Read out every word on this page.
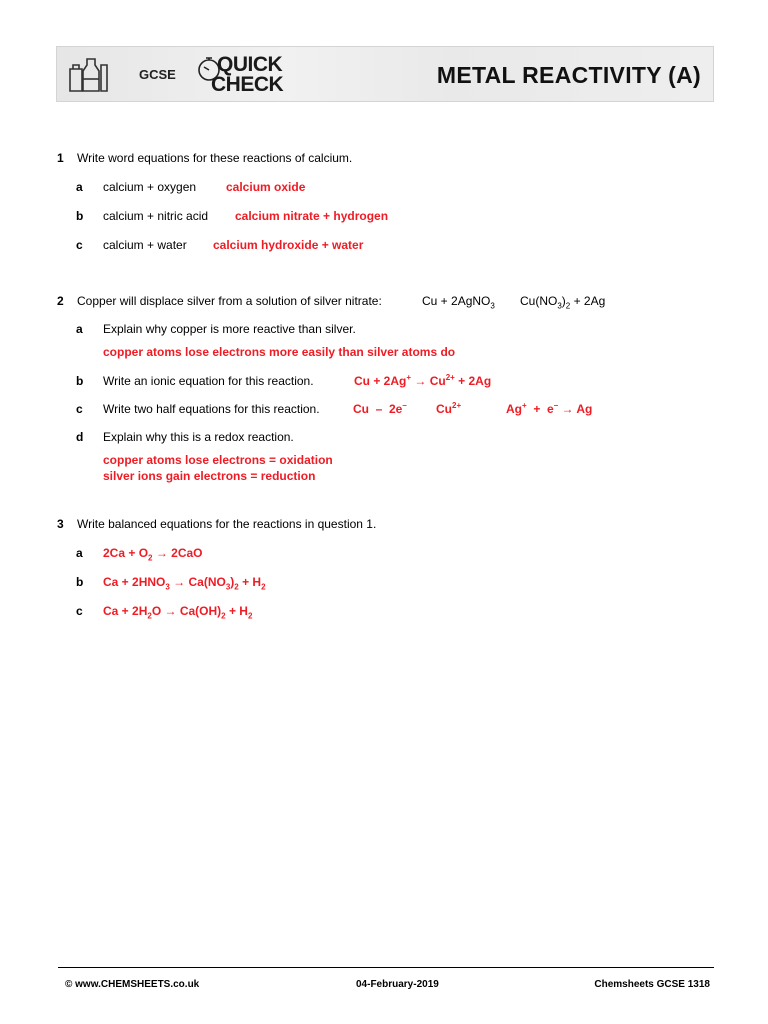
GCSE	QUICK
CHECK	METAL REACTIVITY (A)
1 Write word equations for these reactions of calcium.
a calcium + oxygen calcium oxide
b calcium + nitric acid calcium nitrate + hydrogen
c calcium + water calcium hydroxide + water
2 Copper will displace silver from a solution of silver nitrate:	Cu + 2AgNO$_3$ $Cu(NO_3)_2 + 2Ag$
a Explain why copper is more reactive than silver.
copper atoms lose electrons more easily than silver atoms do
b Write an ionic equation for this reaction.	$Cu + 2Ag^+ \to Cu^{2+} + 2Ag$
c Write two half equations for this reaction.	Cu  –  2e– $Cu^{2+}$	Ag+  +  e– → Ag
d Explain why this is a redox reaction.
copper atoms lose electrons = oxidation
silver ions gain electrons = reduction
3 Write balanced equations for the reactions in question 1.
a $2Ca + O_2 \to 2CaO$
b $Ca + 2HNO_3 \to Ca(NO_3)_2 + H_2$
c $Ca + 2H_2O \to Ca(OH)_2 + H_2$
© www.CHEMSHEETS.co.uk	04-February-2019	Chemsheets GCSE 1318
